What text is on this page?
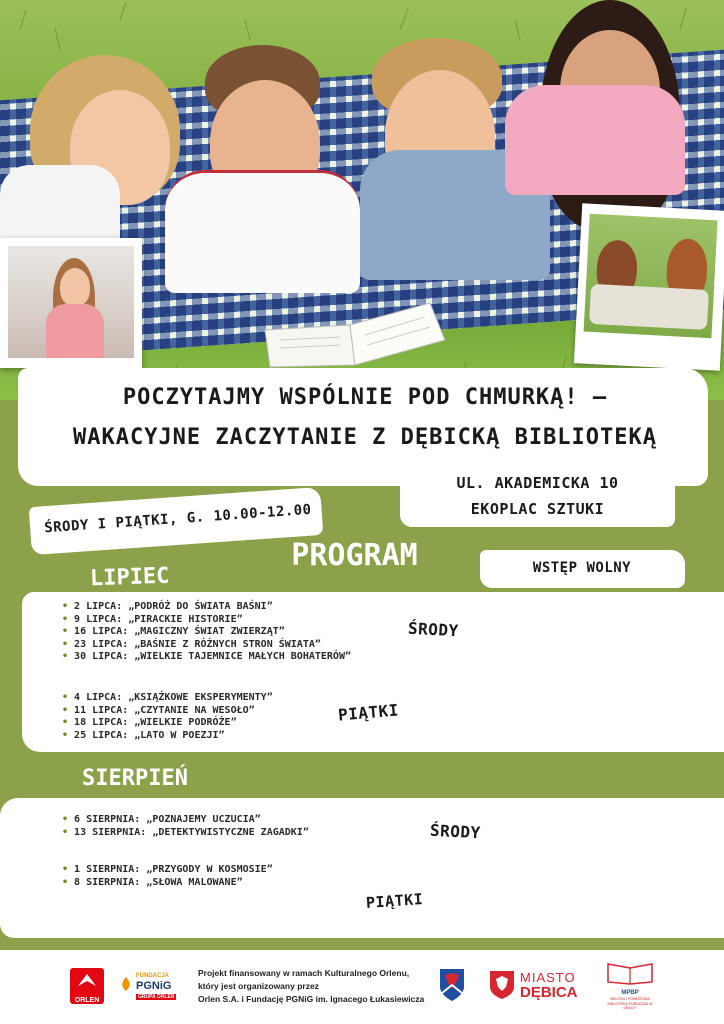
POCZYTAJMY WSPÓLNIE POD CHMURKĄ! –
WAKACYJNE ZACZYTANIE Z DĘBICKĄ BIBLIOTEKĄ
ŚRODY I PIĄTKI, G. 10.00-12.00
UL. AKADEMICKA 10
EKOPLAC SZTUKI
PROGRAM	WSTĘP WOLNY
LIPIEC
• 2 LIPCA: „PODRÓŻ DO ŚWIATA BAŚNI”
• 9 LIPCA: „PIRACKIE HISTORIE”
• 16 LIPCA: „MAGICZNY ŚWIAT ZWIERZĄT”
• 23 LIPCA: „BAŚNIE Z RÓŻNYCH STRON ŚWIATA”
• 30 LIPCA: „WIELKIE TAJEMNICE MAŁYCH BOHATERÓW”
ŚRODY
• 4 LIPCA: „KSIĄŻKOWE EKSPERYMENTY”
• 11 LIPCA: „CZYTANIE NA WESOŁO”
• 18 LIPCA: „WIELKIE PODRÓŻE”
• 25 LIPCA: „LATO W POEZJI”
PIĄTKI
SIERPIEŃ
• 6 SIERPNIA: „POZNAJEMY UCZUCIA”
• 13 SIERPNIA: „DETEKTYWISTYCZNE ZAGADKI”	ŚRODY
• 1 SIERPNIA: „PRZYGODY W KOSMOSIE”
• 8 SIERPNIA: „SŁOWA MALOWANE”
PIĄTKI
ORLEN
FUNDACJA
PGNiG
GRUPA ORLEN
Projekt finansowany w ramach Kulturalnego Orlenu,
który jest organizowany przez
Orlen S.A. i Fundację PGNiG im. Ignacego Łukasiewicza
MIASTO
DĘBICA	MPBP
MIEJSKA I POWIATOWA BIBLIOTEKA PUBLICZNA W DĘBICY
